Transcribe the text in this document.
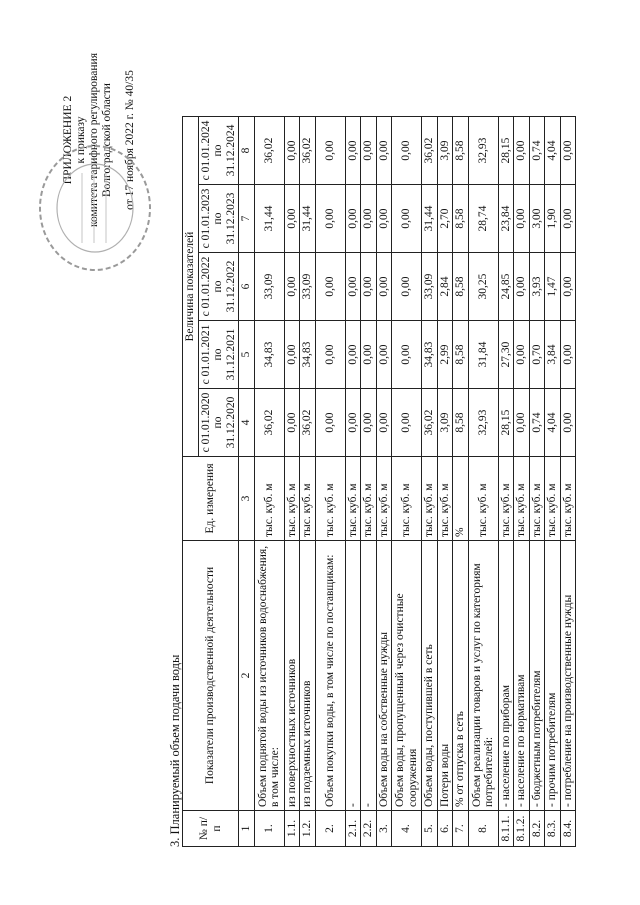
ПРИЛОЖЕНИЕ 2 к приказу комитета тарифного регулирования Волгоградской области от 17 ноября 2022 г. № 40/35
3. Планируемый объем подачи воды № п/п	Показатели производственной деятельности	Ед. измерения	Величина показателей				
			с 01.01.2020 по 31.12.2020	с 01.01.2021 по 31.12.2021	с 01.01.2022 по 31.12.2022	с 01.01.2023 по 31.12.2023	с 01.01.2024 по 31.12.2024
1	2	3	4	5	6	7	8
1.	Объем поднятой воды из источников водоснабжения, в том числе:	тыс. куб. м	36,02	34,83	33,09	31,44	36,02
1.1.	из поверхностных источников	тыс. куб. м	0,00	0,00	0,00	0,00	0,00
1.2.	из подземных источников	тыс. куб. м	36,02	34,83	33,09	31,44	36,02
2.	Объем покупки воды, в том числе по поставщикам:	тыс. куб. м	0,00	0,00	0,00	0,00	0,00
2.1.	-	тыс. куб. м	0,00	0,00	0,00	0,00	0,00
2.2.	-	тыс. куб. м	0,00	0,00	0,00	0,00	0,00
3.	Объем воды на собственные нужды	тыс. куб. м	0,00	0,00	0,00	0,00	0,00
4.	Объем воды, пропущенный через очистные сооружения	тыс. куб. м	0,00	0,00	0,00	0,00	0,00
5.	Объем воды, поступившей в сеть	тыс. куб. м	36,02	34,83	33,09	31,44	36,02
6.	Потери воды	тыс. куб. м	3,09	2,99	2,84	2,70	3,09
7.	% от отпуска в сеть	%	8,58	8,58	8,58	8,58	8,58
8.	Объем реализации товаров и услуг по категориям потребителей:	тыс. куб. м	32,93	31,84	30,25	28,74	32,93
8.1.1.	- население по приборам	тыс. куб. м	28,15	27,30	24,85	23,84	28,15
8.1.2.	- население по нормативам	тыс. куб. м	0,00	0,00	0,00	0,00	0,00
8.2.	- бюджетным потребителям	тыс. куб. м	0,74	0,70	3,93	3,00	0,74
8.3.	- прочим потребителям	тыс. куб. м	4,04	3,84	1,47	1,90	4,04
8.4.	- потребление на производственные нужды	тыс. куб. м	0,00	0,00	0,00	0,00	0,00
